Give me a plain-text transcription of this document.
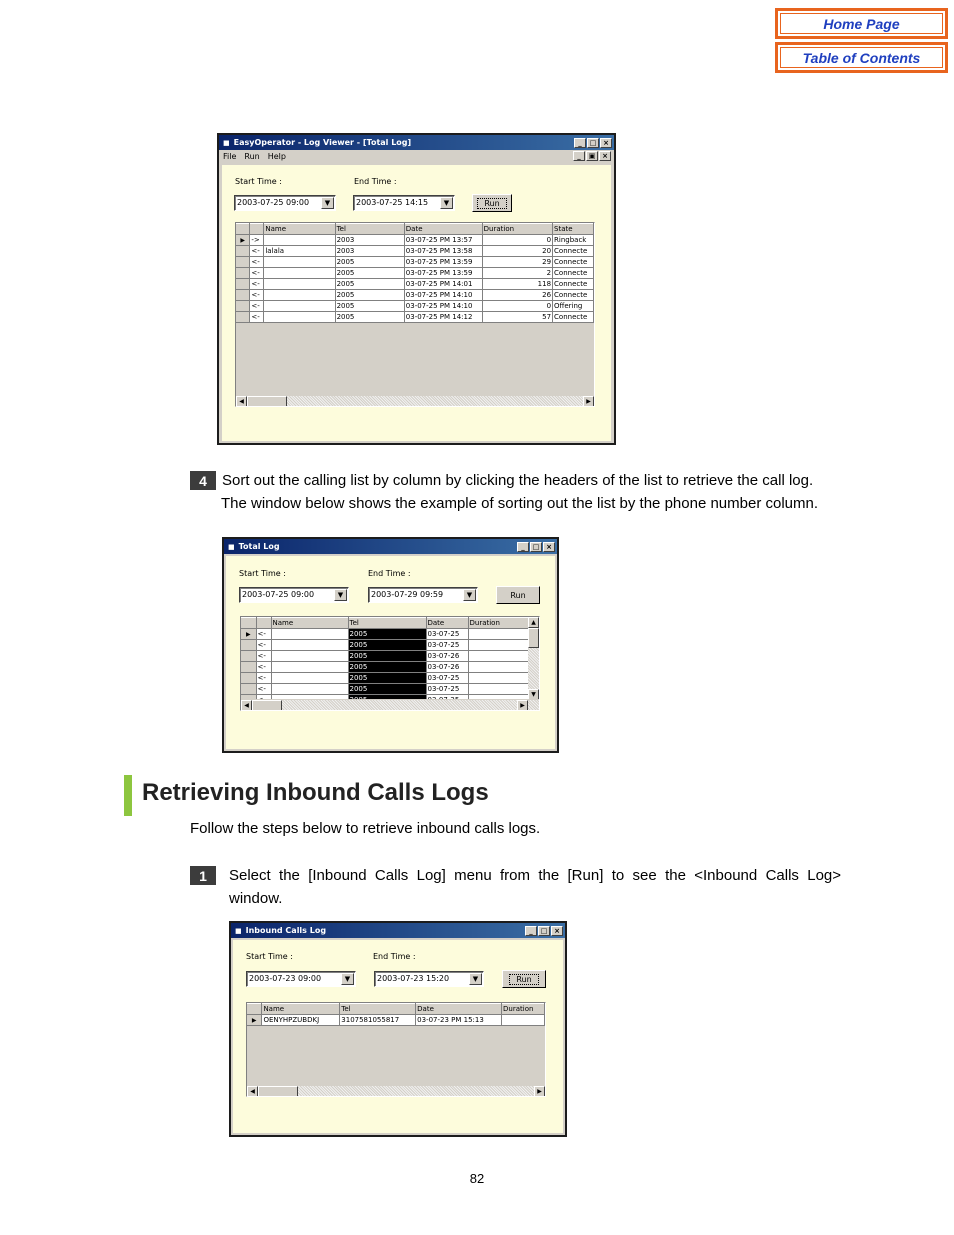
Home Page
Table of Contents
■ EasyOperator - Log Viewer - [Total Log]	_	□ ×
File Run Help	_	▣ ×
Start Time :	End Time :
2003-07-25 09:00	▼	2003-07-25 14:15	▼	Run
		Name	Tel	Date	Duration	State
▶	->		2003	03-07-25 PM 13:57	0	Ringback
	<-	lalala	2003	03-07-25 PM 13:58	20	Connecte
	<-		2005	03-07-25 PM 13:59	29	Connecte
	<-		2005	03-07-25 PM 13:59	2	Connecte
	<-		2005	03-07-25 PM 14:01	118	Connecte
	<-		2005	03-07-25 PM 14:10	26	Connecte
	<-		2005	03-07-25 PM 14:10	0	Offering
	<-		2005	03-07-25 PM 14:12	57	Connecte
◀	▶
4	Sort out the calling list by column by clicking the headers of the list to retrieve the call log.
The window below shows the example of sorting out the list by the phone number column.
■ Total Log	_	□ ×
Start Time :	End Time :
2003-07-25 09:00	▼	2003-07-29 09:59	▼	Run
		Name	Tel	Date	Duration
▶	<-		2005	03-07-25	
	<-		2005	03-07-25	
	<-		2005	03-07-26	
	<-		2005	03-07-26	
	<-		2005	03-07-25	
	<-		2005	03-07-25	

▲
▼
◀	▶
Retrieving Inbound Calls Logs
Follow the steps below to retrieve inbound calls logs.
1	Select  the  [Inbound  Calls  Log]  menu  from  the  [Run]  to  see  the  <Inbound  Calls  Log>
window.
■ Inbound Calls Log	_	□ ×
Start Time :	End Time :
2003-07-23 09:00	▼	2003-07-23 15:20	▼	Run
	Name	Tel	Date	Duration
▶	OENYHPZUBDKJ	3107581055817	03-07-23 PM 15:13	
◀	▶
82
